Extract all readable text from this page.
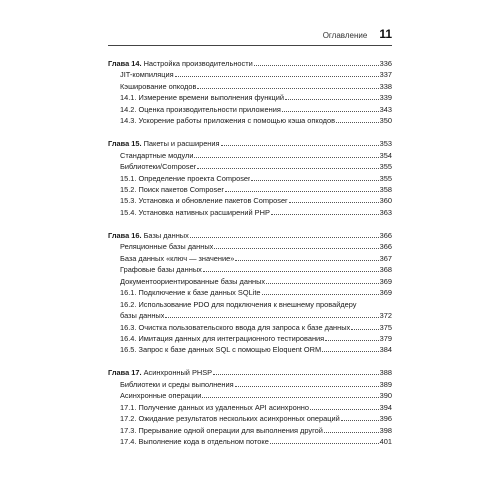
Оглавление 11
Глава 14. Настройка производительности	336
JIT-компиляция	337
Кэширование опкодов	338
14.1. Измерение времени выполнения функций	339
14.2. Оценка производительности приложения	343
14.3. Ускорение работы приложения с помощью кэша опкодов	350
Глава 15. Пакеты и расширения	353
Стандартные модули	354
Библиотеки/Composer	355
15.1. Определение проекта Composer	355
15.2. Поиск пакетов Composer	358
15.3. Установка и обновление пакетов Composer	360
15.4. Установка нативных расширений PHP	363
Глава 16. Базы данных	366
Реляционные базы данных	366
База данных «ключ — значение»	367
Графовые базы данных	368
Документоориентированные базы данных	369
16.1. Подключение к базе данных SQLite	369
16.2. Использование PDO для подключения к внешнему провайдеру
базы данных	372
16.3. Очистка пользовательского ввода для запроса к базе данных	375
16.4. Имитация данных для интеграционного тестирования	379
16.5. Запрос к базе данных SQL с помощью Eloquent ORM	384
Глава 17. Асинхронный PHSP	388
Библиотеки и среды выполнения	389
Асинхронные операции	390
17.1. Получение данных из удаленных API асинхронно	394
17.2. Ожидание результатов нескольких асинхронных операций	396
17.3. Прерывание одной операции для выполнения другой	398
17.4. Выполнение кода в отдельном потоке	401
